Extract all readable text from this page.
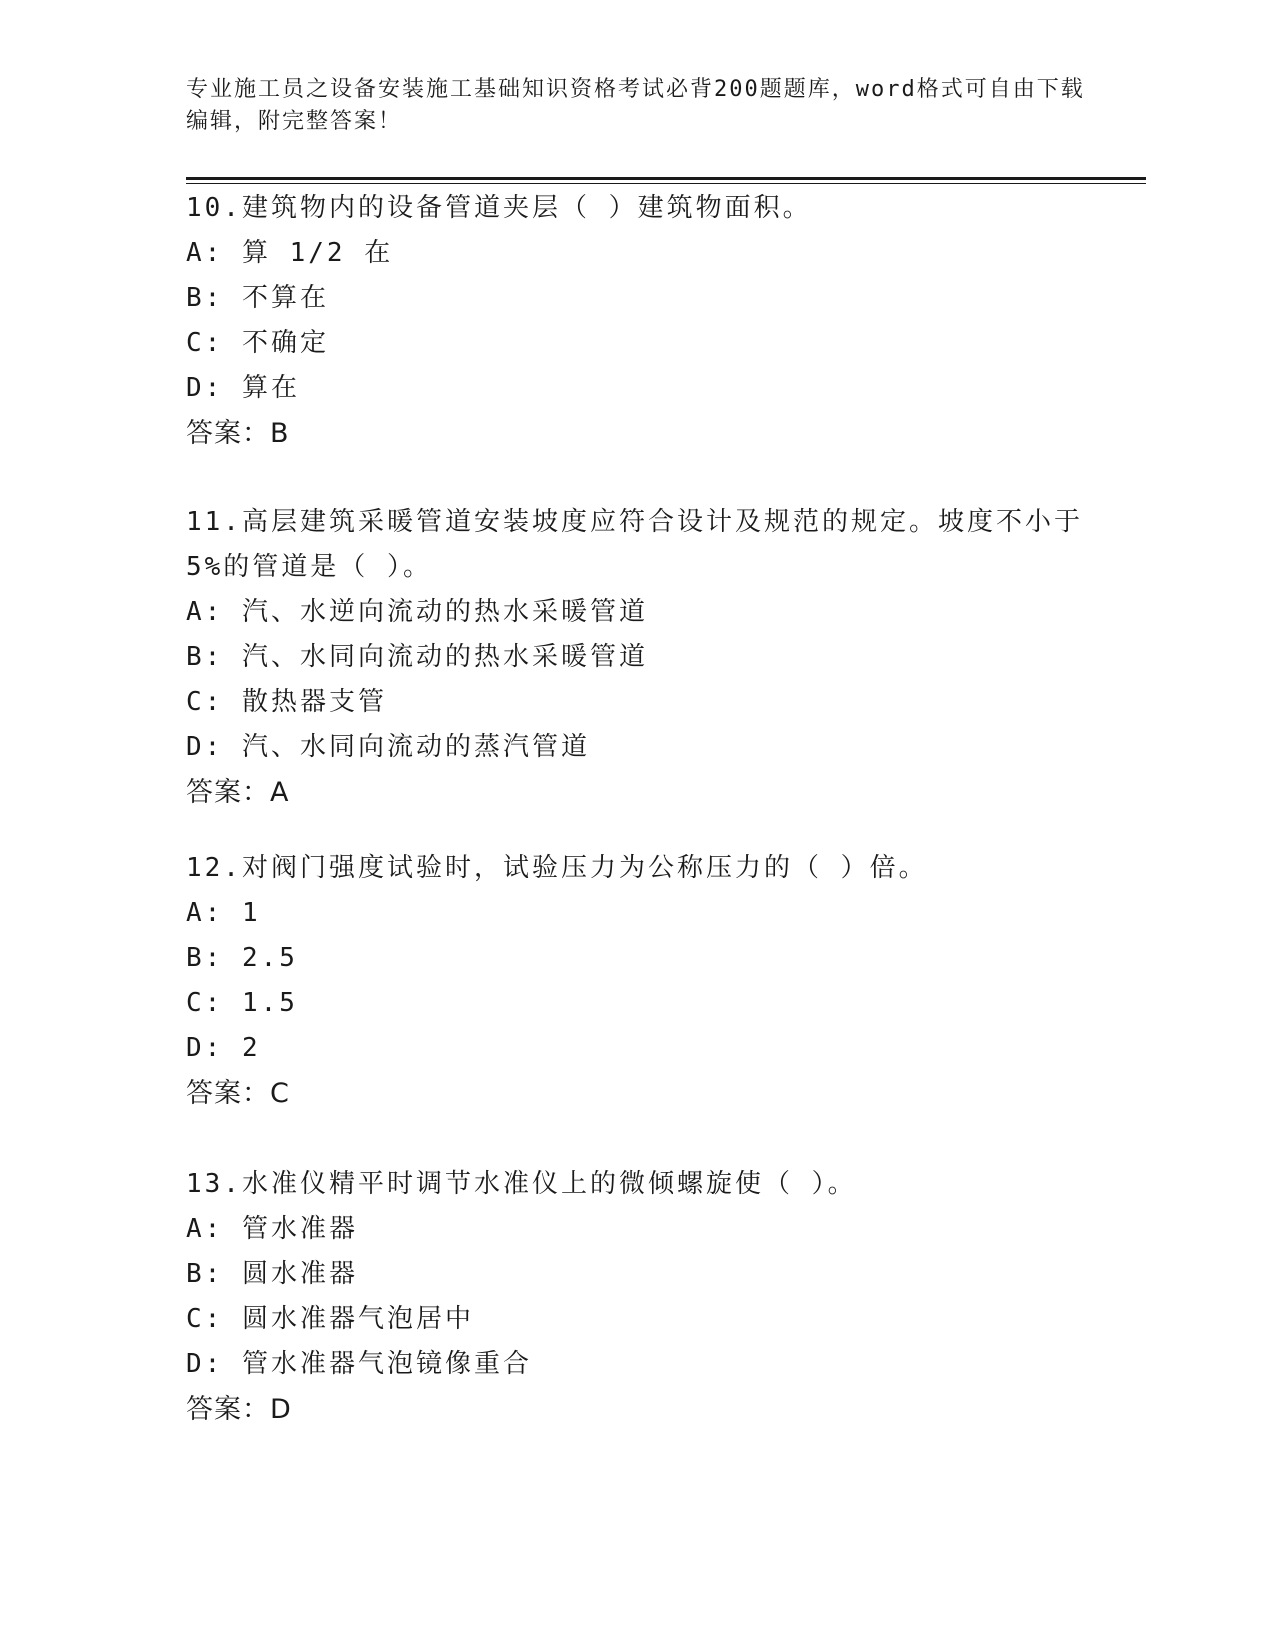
专业施工员之设备安装施工基础知识资格考试必背200题题库，word格式可自由下载编辑，附完整答案！

10.建筑物内的设备管道夹层（ ）建筑物面积。

A: 算 1/2 在

B: 不算在

C: 不确定

D: 算在

答案：B

11.高层建筑采暖管道安装坡度应符合设计及规范的规定。坡度不小于5%的管道是（ ）。

A: 汽、水逆向流动的热水采暖管道

B: 汽、水同向流动的热水采暖管道

C: 散热器支管

D: 汽、水同向流动的蒸汽管道

答案：A

12.对阀门强度试验时，试验压力为公称压力的（ ）倍。

A: 1

B: 2.5

C: 1.5

D: 2

答案：C

13.水准仪精平时调节水准仪上的微倾螺旋使（ ）。

A: 管水准器

B: 圆水准器

C: 圆水准器气泡居中

D: 管水准器气泡镜像重合

答案：D
